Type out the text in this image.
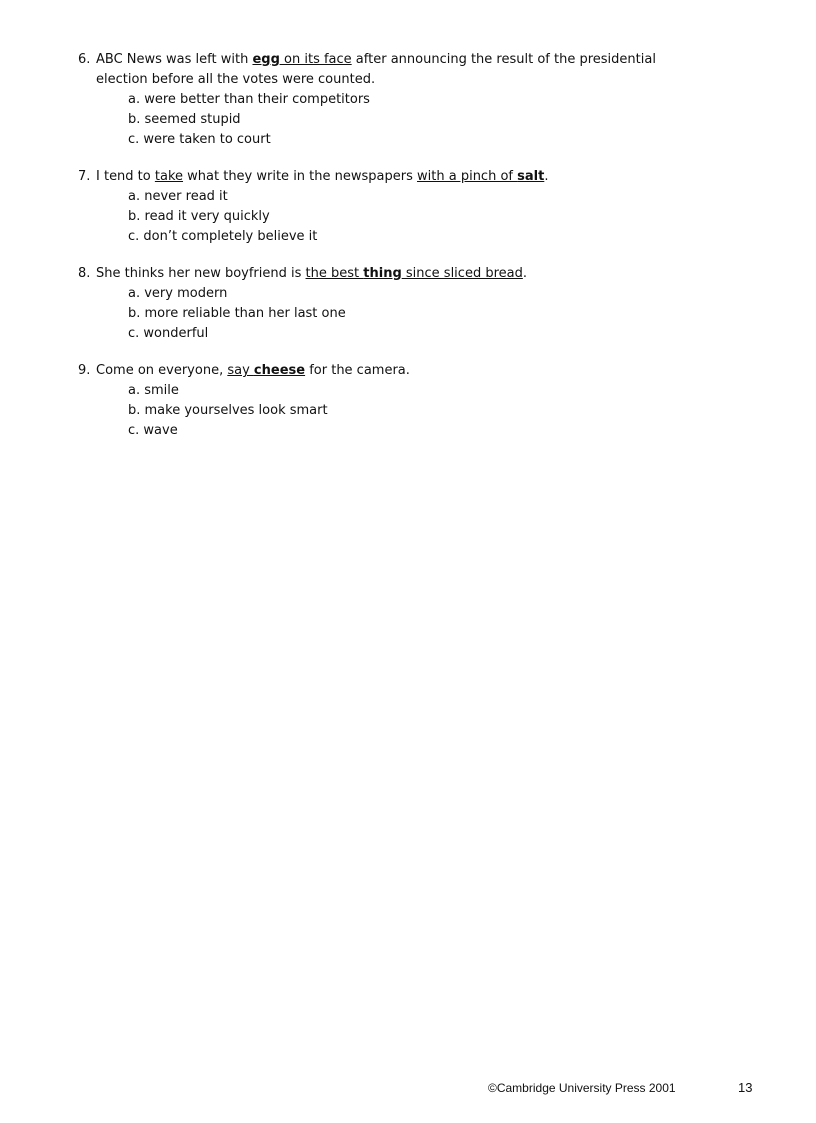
6. ABC News was left with egg on its face after announcing the result of the presidential
election before all the votes were counted.
a. were better than their competitors
b. seemed stupid
c. were taken to court
7. I tend to take what they write in the newspapers with a pinch of salt.
a. never read it
b. read it very quickly
c. don’t completely believe it
8. She thinks her new boyfriend is the best thing since sliced bread.
a. very modern
b. more reliable than her last one
c. wonderful
9. Come on everyone, say cheese for the camera.
a. smile
b. make yourselves look smart
c. wave
©Cambridge University Press 2001	13
